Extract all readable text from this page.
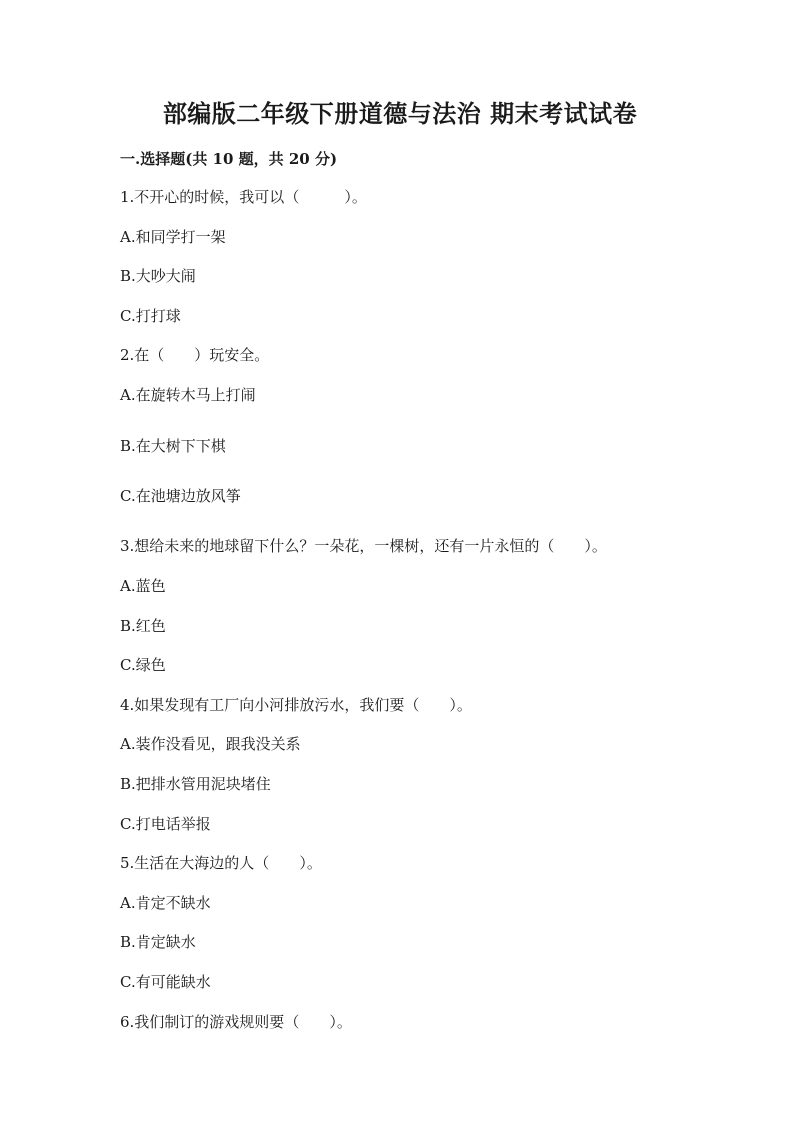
部编版二年级下册道德与法治 期末考试试卷
一.选择题(共 10 题，共 20 分)
1.不开心的时候，我可以（　　　）。
A.和同学打一架
B.大吵大闹
C.打打球
2.在（　　）玩安全。
A.在旋转木马上打闹
B.在大树下下棋
C.在池塘边放风筝
3.想给未来的地球留下什么？一朵花，一棵树，还有一片永恒的（　　）。
A.蓝色
B.红色
C.绿色
4.如果发现有工厂向小河排放污水，我们要（　　）。
A.装作没看见，跟我没关系
B.把排水管用泥块堵住
C.打电话举报
5.生活在大海边的人（　　）。
A.肯定不缺水
B.肯定缺水
C.有可能缺水
6.我们制订的游戏规则要（　　）。
